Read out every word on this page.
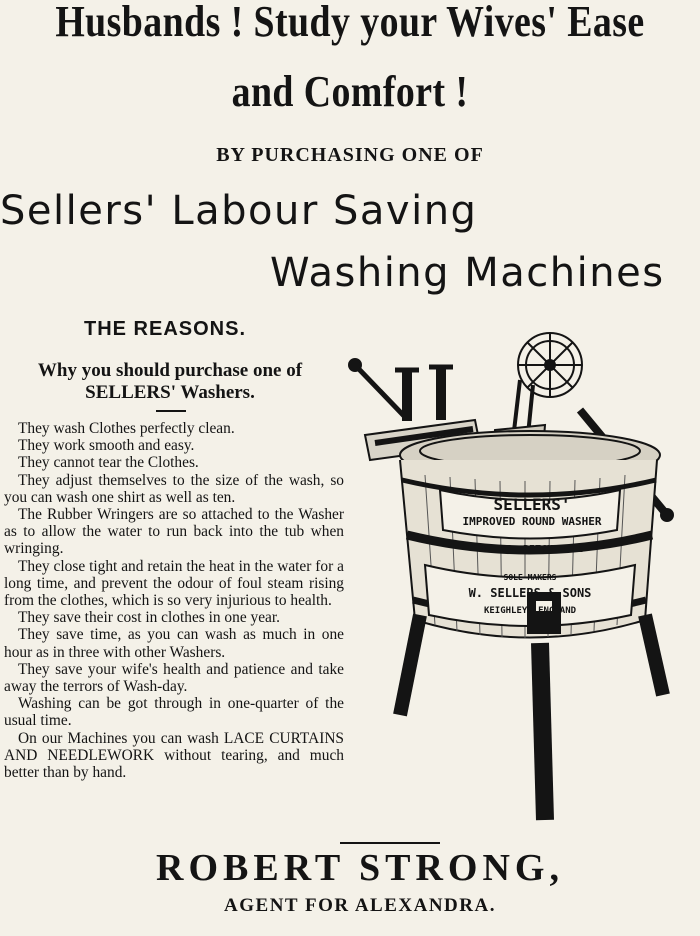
Husbands ! Study your Wives' Ease
and Comfort !
BY PURCHASING ONE OF
Sellers' Labour Saving
Washing Machines
THE REASONS.
Why you should purchase one of
SELLERS' Washers.
They wash Clothes perfectly clean.
They work smooth and easy.
They cannot tear the Clothes.
They adjust themselves to the size of the wash, so you can wash one shirt as well as ten.
The Rubber Wringers are so attached to the Washer as to allow the water to run back into the tub when wringing.
They close tight and retain the heat in the water for a long time, and prevent the odour of foul steam rising from the clothes, which is so very injurious to health.
They save their cost in clothes in one year.
They save time, as you can wash as much in one hour as in three with other Washers.
They save your wife's health and patience and take away the terrors of Wash-day.
Washing can be got through in one-quarter of the usual time.
On our Machines you can wash LACE CURTAINS AND NEEDLEWORK without tearing, and much better than by hand.
SELLERS'
IMPROVED ROUND WASHER
81 ST. PITCH PINE
SOLE MAKERS
W. SELLERS & SONS
KEIGHLEY, ENGLAND
ROBERT STRONG,
AGENT FOR ALEXANDRA.
